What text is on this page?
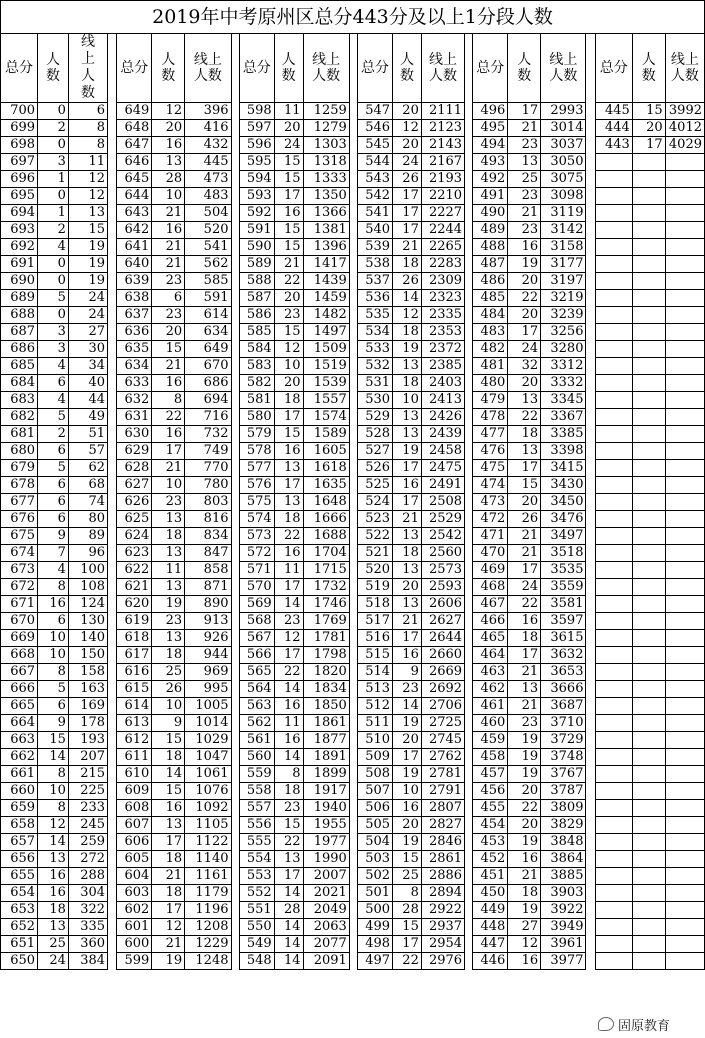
2019年中考原州区总分443分及以上1分段人数
总分	人数	线上人数		总分	人数	线上人数		总分	人数	线上人数		总分	人数	线上人数		总分	人数	线上人数		总分	人数	线上人数
700	0	6		649	12	396		598	11	1259		547	20	2111		496	17	2993		445	15	3992
699	2	8		648	20	416		597	20	1279		546	12	2123		495	21	3014		444	20	4012
698	0	8		647	16	432		596	24	1303		545	20	2143		494	23	3037		443	17	4029
697	3	11		646	13	445		595	15	1318		544	24	2167		493	13	3050				
696	1	12		645	28	473		594	15	1333		543	26	2193		492	25	3075				
695	0	12		644	10	483		593	17	1350		542	17	2210		491	23	3098				
694	1	13		643	21	504		592	16	1366		541	17	2227		490	21	3119				
693	2	15		642	16	520		591	15	1381		540	17	2244		489	23	3142				
692	4	19		641	21	541		590	15	1396		539	21	2265		488	16	3158				
691	0	19		640	21	562		589	21	1417		538	18	2283		487	19	3177				
690	0	19		639	23	585		588	22	1439		537	26	2309		486	20	3197				
689	5	24		638	6	591		587	20	1459		536	14	2323		485	22	3219				
688	0	24		637	23	614		586	23	1482		535	12	2335		484	20	3239				
687	3	27		636	20	634		585	15	1497		534	18	2353		483	17	3256				
686	3	30		635	15	649		584	12	1509		533	19	2372		482	24	3280				
685	4	34		634	21	670		583	10	1519		532	13	2385		481	32	3312				
684	6	40		633	16	686		582	20	1539		531	18	2403		480	20	3332				
683	4	44		632	8	694		581	18	1557		530	10	2413		479	13	3345				
682	5	49		631	22	716		580	17	1574		529	13	2426		478	22	3367				
681	2	51		630	16	732		579	15	1589		528	13	2439		477	18	3385				
680	6	57		629	17	749		578	16	1605		527	19	2458		476	13	3398				
679	5	62		628	21	770		577	13	1618		526	17	2475		475	17	3415				
678	6	68		627	10	780		576	17	1635		525	16	2491		474	15	3430				
677	6	74		626	23	803		575	13	1648		524	17	2508		473	20	3450				
676	6	80		625	13	816		574	18	1666		523	21	2529		472	26	3476				
675	9	89		624	18	834		573	22	1688		522	13	2542		471	21	3497				
674	7	96		623	13	847		572	16	1704		521	18	2560		470	21	3518				
673	4	100		622	11	858		571	11	1715		520	13	2573		469	17	3535				
672	8	108		621	13	871		570	17	1732		519	20	2593		468	24	3559				
671	16	124		620	19	890		569	14	1746		518	13	2606		467	22	3581				
670	6	130		619	23	913		568	23	1769		517	21	2627		466	16	3597				
669	10	140		618	13	926		567	12	1781		516	17	2644		465	18	3615				
668	10	150		617	18	944		566	17	1798		515	16	2660		464	17	3632				
667	8	158		616	25	969		565	22	1820		514	9	2669		463	21	3653				
666	5	163		615	26	995		564	14	1834		513	23	2692		462	13	3666				
665	6	169		614	10	1005		563	16	1850		512	14	2706		461	21	3687				
664	9	178		613	9	1014		562	11	1861		511	19	2725		460	23	3710				
663	15	193		612	15	1029		561	16	1877		510	20	2745		459	19	3729				
662	14	207		611	18	1047		560	14	1891		509	17	2762		458	19	3748				
661	8	215		610	14	1061		559	8	1899		508	19	2781		457	19	3767				
660	10	225		609	15	1076		558	18	1917		507	10	2791		456	20	3787				
659	8	233		608	16	1092		557	23	1940		506	16	2807		455	22	3809				
658	12	245		607	13	1105		556	15	1955		505	20	2827		454	20	3829				
657	14	259		606	17	1122		555	22	1977		504	19	2846		453	19	3848				
656	13	272		605	18	1140		554	13	1990		503	15	2861		452	16	3864				
655	16	288		604	21	1161		553	17	2007		502	25	2886		451	21	3885				
654	16	304		603	18	1179		552	14	2021		501	8	2894		450	18	3903				
653	18	322		602	17	1196		551	28	2049		500	28	2922		449	19	3922				
652	13	335		601	12	1208		550	14	2063		499	15	2937		448	27	3949				
651	25	360		600	21	1229		549	14	2077		498	17	2954		447	12	3961				
650	24	384		599	19	1248		548	14	2091		497	22	2976		446	16	3977				
固原教育
